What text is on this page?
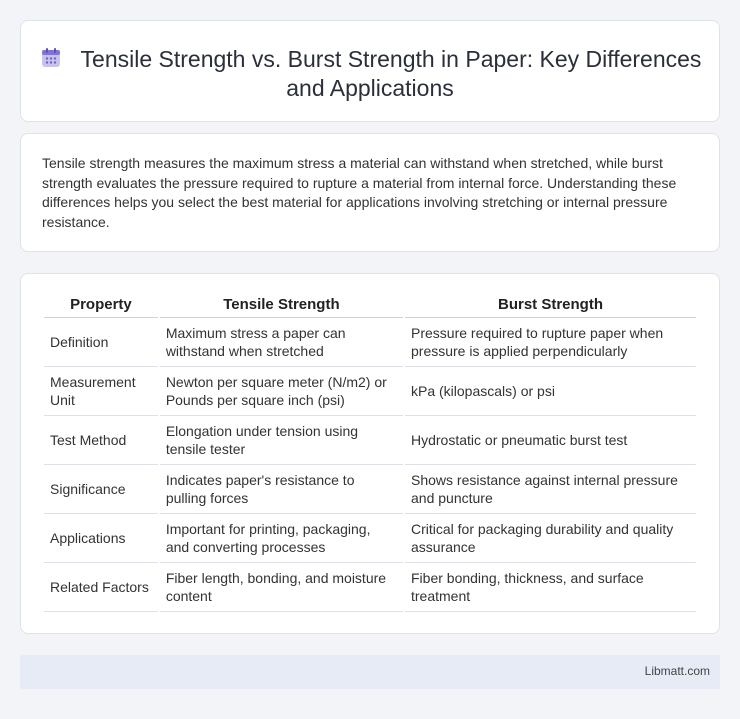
Tensile Strength vs. Burst Strength in Paper: Key Differences and Applications

Tensile strength measures the maximum stress a material can withstand when stretched, while burst strength evaluates the pressure required to rupture a material from internal force. Understanding these differences helps you select the best material for applications involving stretching or internal pressure resistance.

Property	Tensile Strength	Burst Strength
Definition	Maximum stress a paper can withstand when stretched	Pressure required to rupture paper when pressure is applied perpendicularly
Measurement Unit	Newton per square meter (N/m2) or Pounds per square inch (psi)	kPa (kilopascals) or psi
Test Method	Elongation under tension using tensile tester	Hydrostatic or pneumatic burst test
Significance	Indicates paper's resistance to pulling forces	Shows resistance against internal pressure and puncture
Applications	Important for printing, packaging, and converting processes	Critical for packaging durability and quality assurance
Related Factors	Fiber length, bonding, and moisture content	Fiber bonding, thickness, and surface treatment
Libmatt.com
